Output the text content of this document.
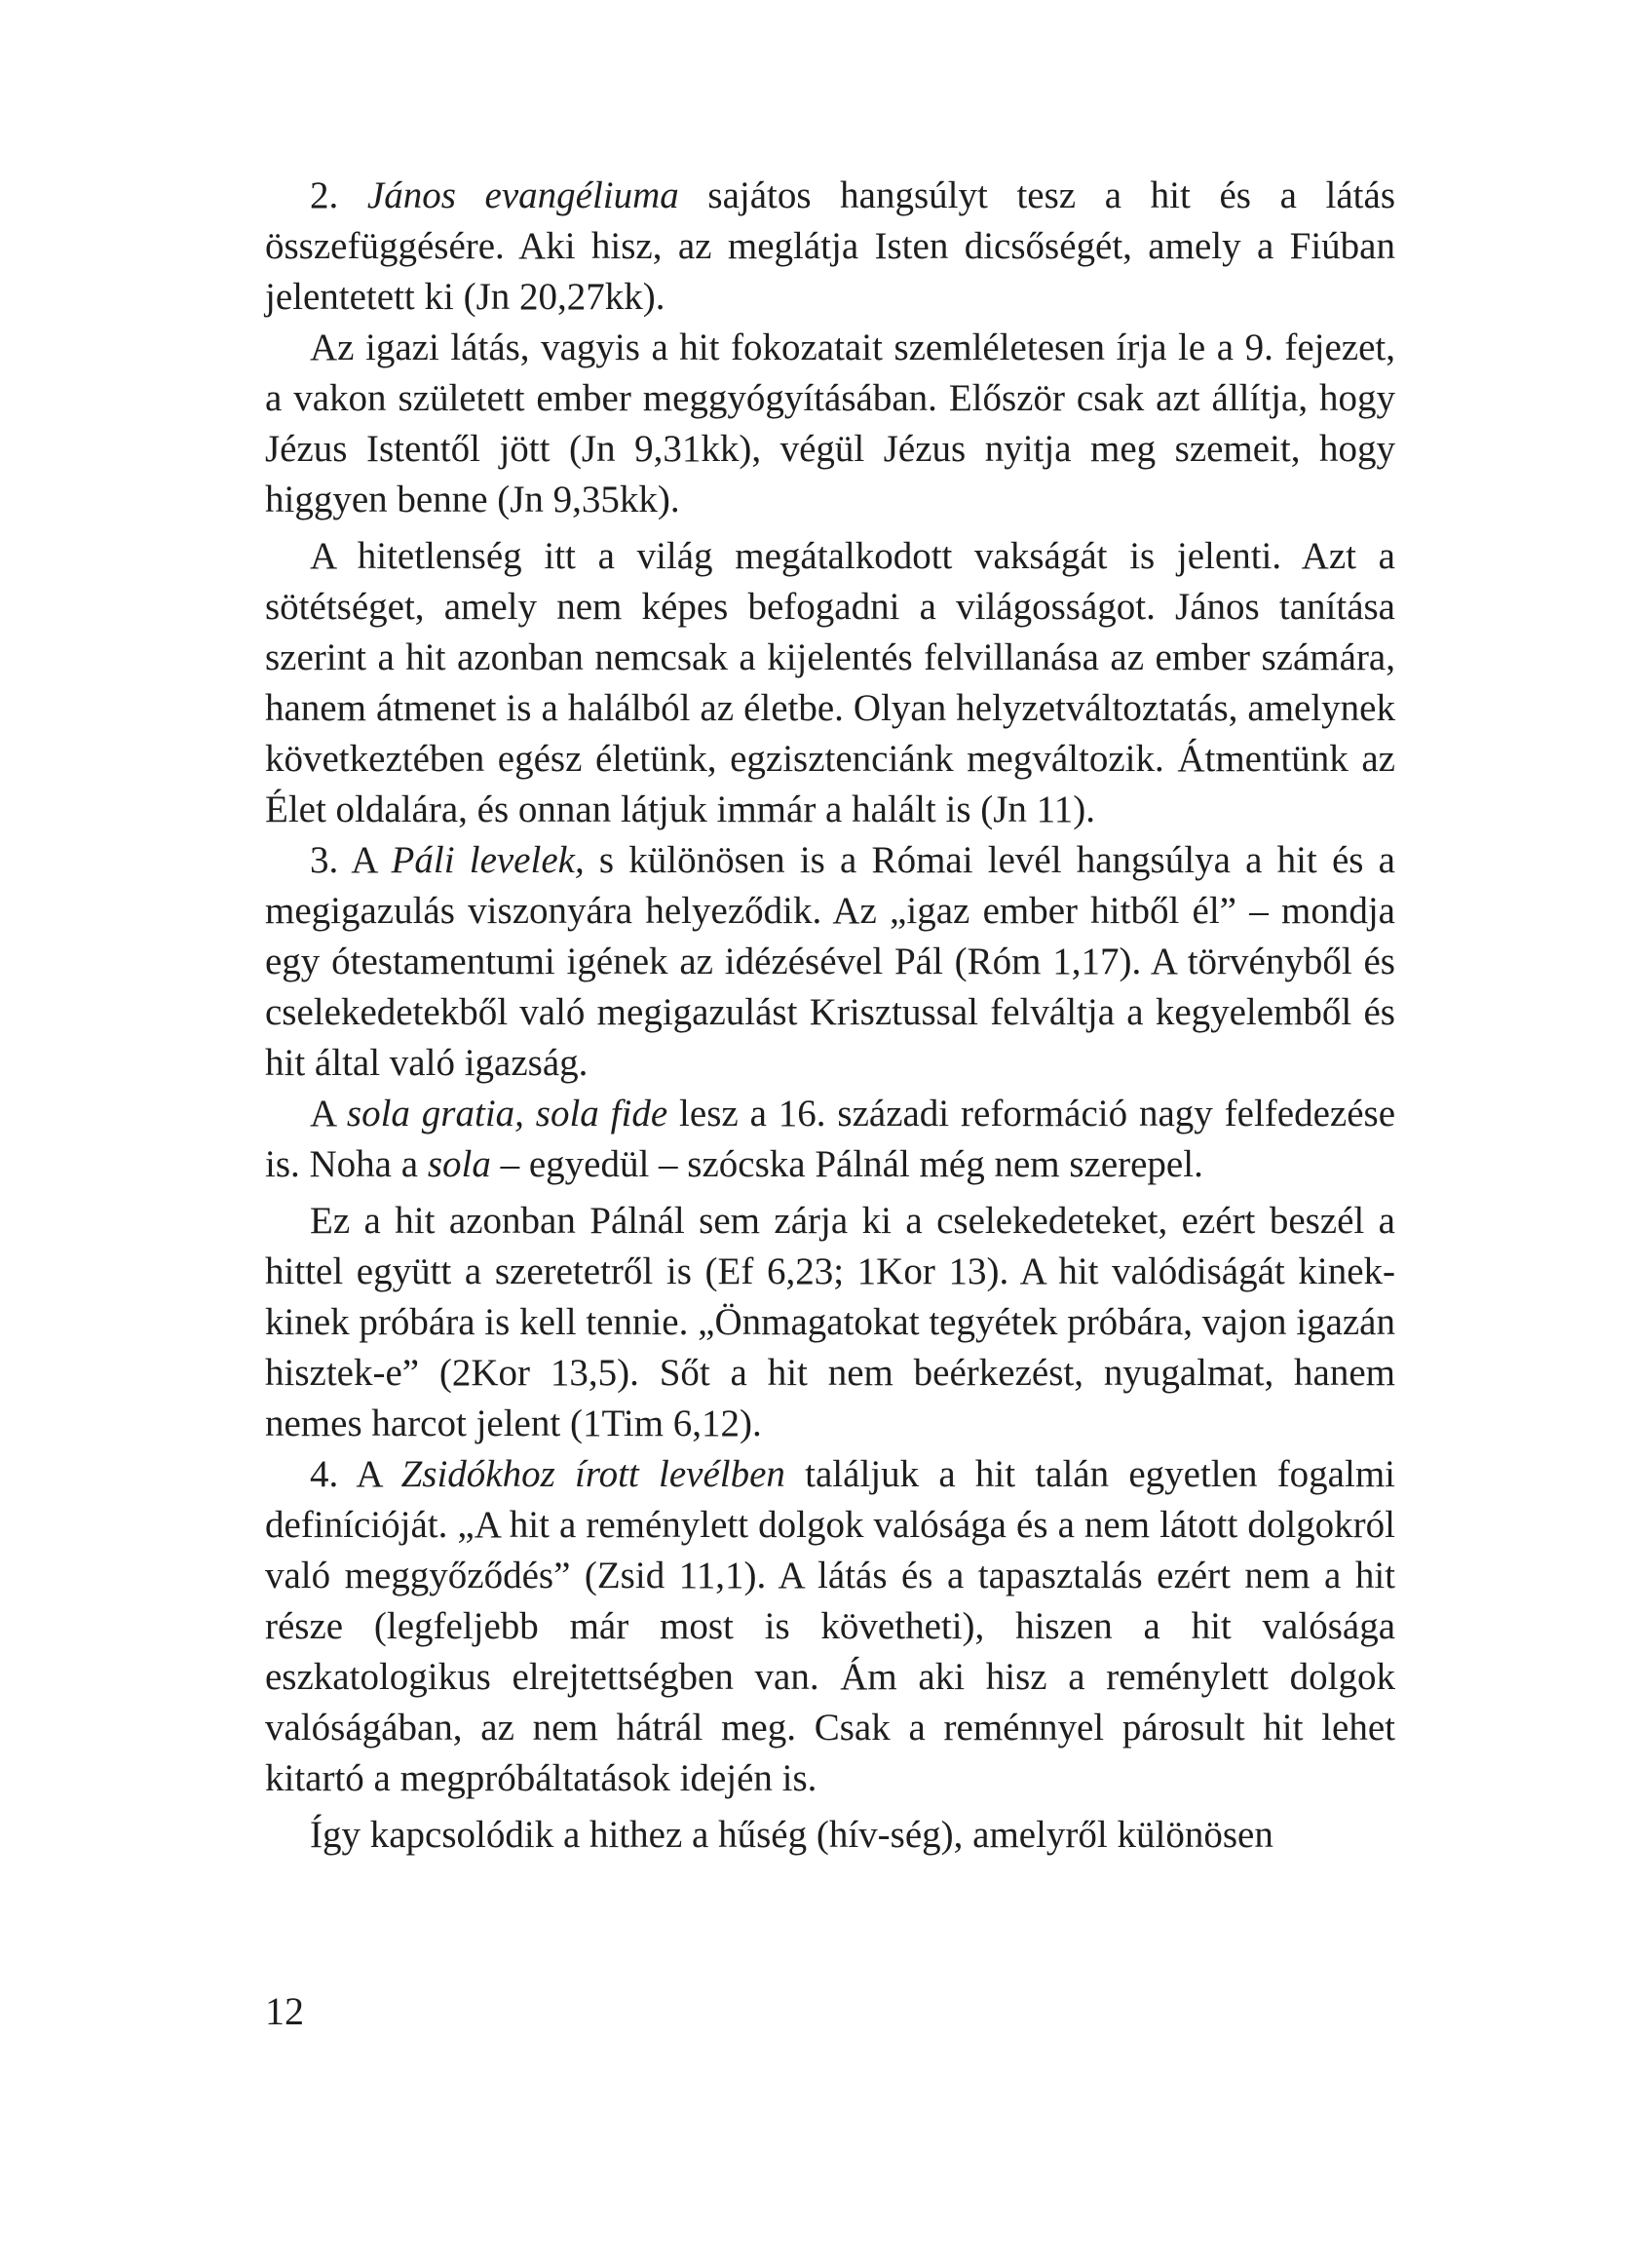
2. János evangéliuma sajátos hangsúlyt tesz a hit és a látás összefüggésére. Aki hisz, az meglátja Isten dicsőségét, amely a Fiúban jelentetett ki (Jn 20,27kk).

Az igazi látás, vagyis a hit fokozatait szemléletesen írja le a 9. fejezet, a vakon született ember meggyógyításában. Először csak azt állítja, hogy Jézus Istentől jött (Jn 9,31kk), végül Jézus nyitja meg szemeit, hogy higgyen benne (Jn 9,35kk).

A hitetlenség itt a világ megátalkodott vakságát is jelenti. Azt a sötétséget, amely nem képes befogadni a világosságot. János tanítása szerint a hit azonban nemcsak a kijelentés felvillanása az ember számára, hanem átmenet is a halálból az életbe. Olyan helyzetváltoztatás, amelynek következtében egész életünk, egzisztenciánk megváltozik. Átmentünk az Élet oldalára, és onnan látjuk immár a halált is (Jn 11).

3. A Páli levelek, s különösen is a Római levél hangsúlya a hit és a megigazulás viszonyára helyeződik. Az „igaz ember hitből él” – mondja egy ótestamentumi igének az idézésével Pál (Róm 1,17). A törvényből és cselekedetekből való megigazulást Krisztussal felváltja a kegyelemből és hit által való igazság.

A sola gratia, sola fide lesz a 16. századi reformáció nagy felfedezése is. Noha a sola – egyedül – szócska Pálnál még nem szerepel.

Ez a hit azonban Pálnál sem zárja ki a cselekedeteket, ezért beszél a hittel együtt a szeretetről is (Ef 6,23; 1Kor 13). A hit valódiságát kinek-kinek próbára is kell tennie. „Önmagatokat tegyétek próbára, vajon igazán hisztek-e” (2Kor 13,5). Sőt a hit nem beérkezést, nyugalmat, hanem nemes harcot jelent (1Tim 6,12).

4. A Zsidókhoz írott levélben találjuk a hit talán egyetlen fogalmi definícióját. „A hit a reménylett dolgok valósága és a nem látott dolgokról való meggyőződés” (Zsid 11,1). A látás és a tapasztalás ezért nem a hit része (legfeljebb már most is követheti), hiszen a hit valósága eszkatologikus elrejtettségben van. Ám aki hisz a reménylett dolgok valóságában, az nem hátrál meg. Csak a reménnyel párosult hit lehet kitartó a megpróbáltatások idején is.

Így kapcsolódik a hithez a hűség (hív-ség), amelyről különösen

12
